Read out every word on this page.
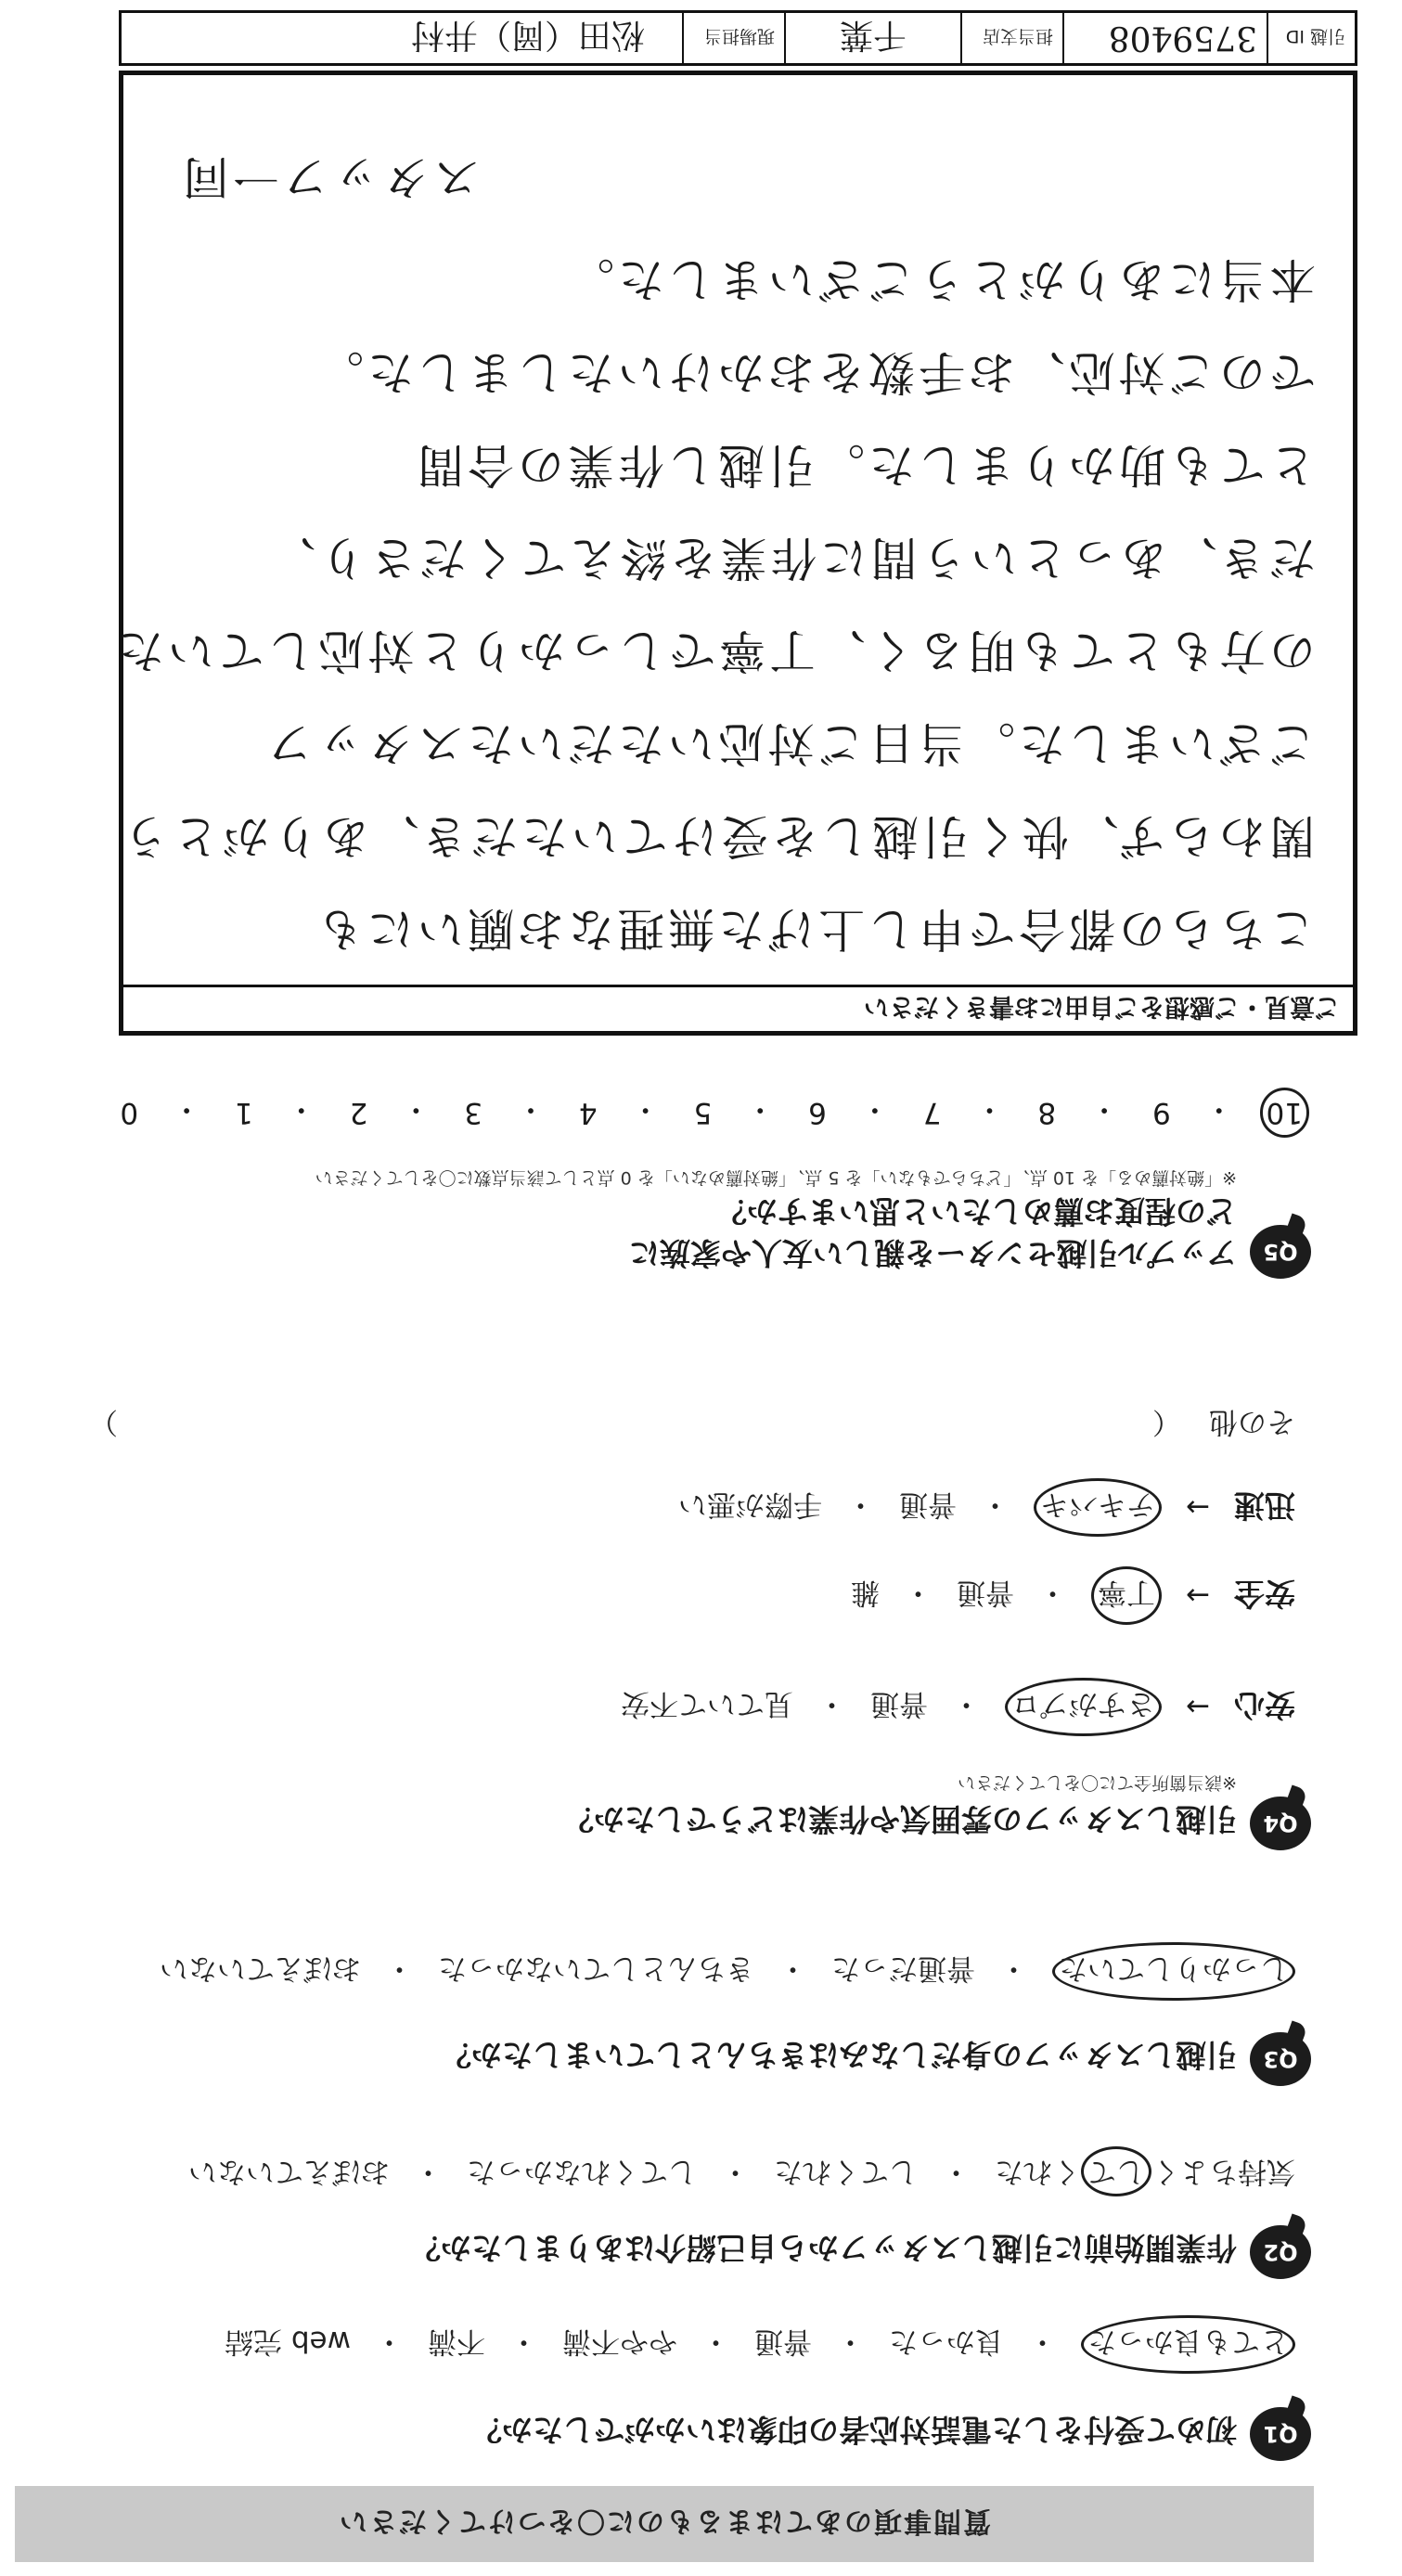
質問事項のあてはまるものに〇をつけてください
Q1
初めて受付をした電話対応者の印象はいかがでしたか？
とても良かった
・
良かった
・
普通
・
やや不満
・
不満
・
web 完結
Q2
作業開始前に引越しスタッフから自己紹介はありましたか？
気持ちよくしてくれた
・
してくれた
・
してくれなかった
・
おぼえていない
Q3
引越しスタッフの身だしなみはきちんとしていましたか？
しっかりしていた
・
普通だった
・
きちんとしていなかった
・
おぼえていない
Q4
引越しスタッフの雰囲気や作業はどうでしたか？
※該当箇所全てに〇をしてください
安心
→
さすがプロ
・
普通
・
見ていて不安
安全
→
丁寧
・
普通
・
雑
迅速
→
テキパキ
・
普通
・
手際が悪い
その他
（
）
Q5
アップル引越センターを親しい友人や家族に
どの程度お薦めしたいと思いますか？
※「絶対薦める」を 10 点、「どちらでもない」を 5 点、「絶対薦めない」を 0 点として該当点数に〇をしてください
10
・
9
・
8
・
7
・
6
・
5
・
4
・
3
・
2
・
1
・
0
ご意見・ご感想をご自由にお書きください
こちらの都合で申し上げた無理なお願いにも
関わらず、快く引越しを受けていただき、ありがとう
ございました。当日ご対応いただいたスタッフ
の方もとても明るく、丁寧でしっかりと対応していた
だき、あっという間に作業を終えてくださり、
とても助かりました。引越し作業の合間
でのご対応、お手数をおかけいたしました。
本当にありがとうございました。
スタッフ一同
引越 ID
3759408
担当支店
千葉
現場担当
松田（岡）井村
